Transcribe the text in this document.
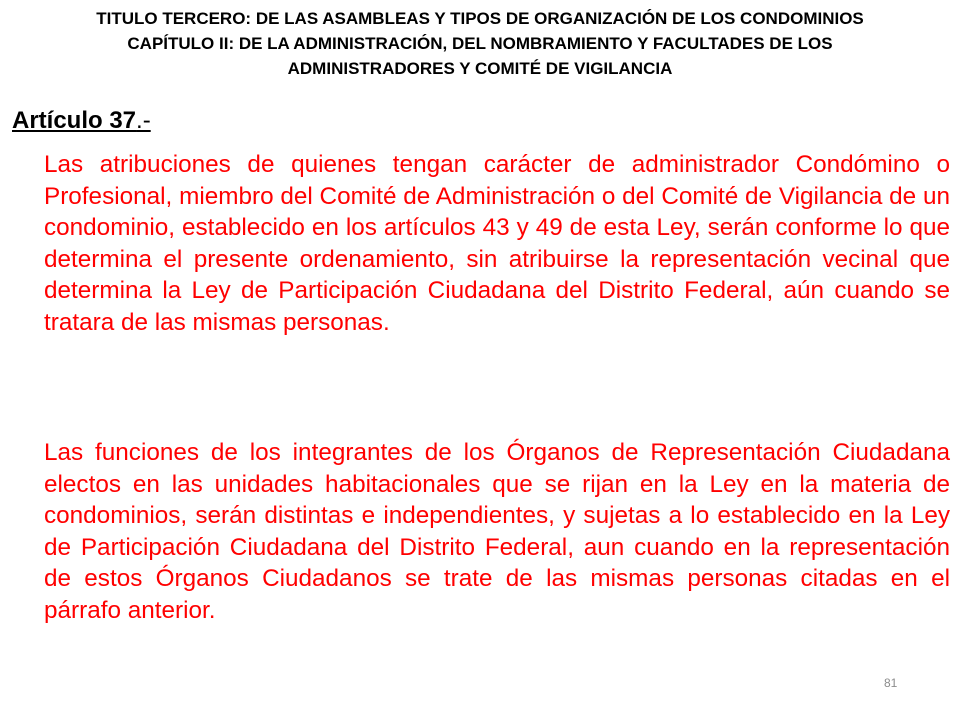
TITULO TERCERO: DE LAS ASAMBLEAS Y TIPOS DE ORGANIZACIÓN DE LOS CONDOMINIOS
CAPÍTULO II: DE LA ADMINISTRACIÓN, DEL NOMBRAMIENTO Y FACULTADES DE LOS
ADMINISTRADORES Y COMITÉ DE VIGILANCIA
Artículo 37.-
Las atribuciones de quienes tengan carácter de administrador Condómino o Profesional, miembro del Comité de Administración o del Comité de Vigilancia de un condominio, establecido en los artículos 43 y 49 de esta Ley, serán conforme lo que determina el presente ordenamiento, sin atribuirse la representación vecinal que determina la Ley de Participación Ciudadana del Distrito Federal, aún cuando se tratara de las mismas personas.
Las funciones de los integrantes de los Órganos de Representación Ciudadana electos en las unidades habitacionales que se rijan en la Ley en la materia de condominios, serán distintas e independientes, y sujetas a lo establecido en la Ley de Participación Ciudadana del Distrito Federal, aun cuando en la representación de estos Órganos Ciudadanos se trate de las mismas personas citadas en el párrafo anterior.
81
